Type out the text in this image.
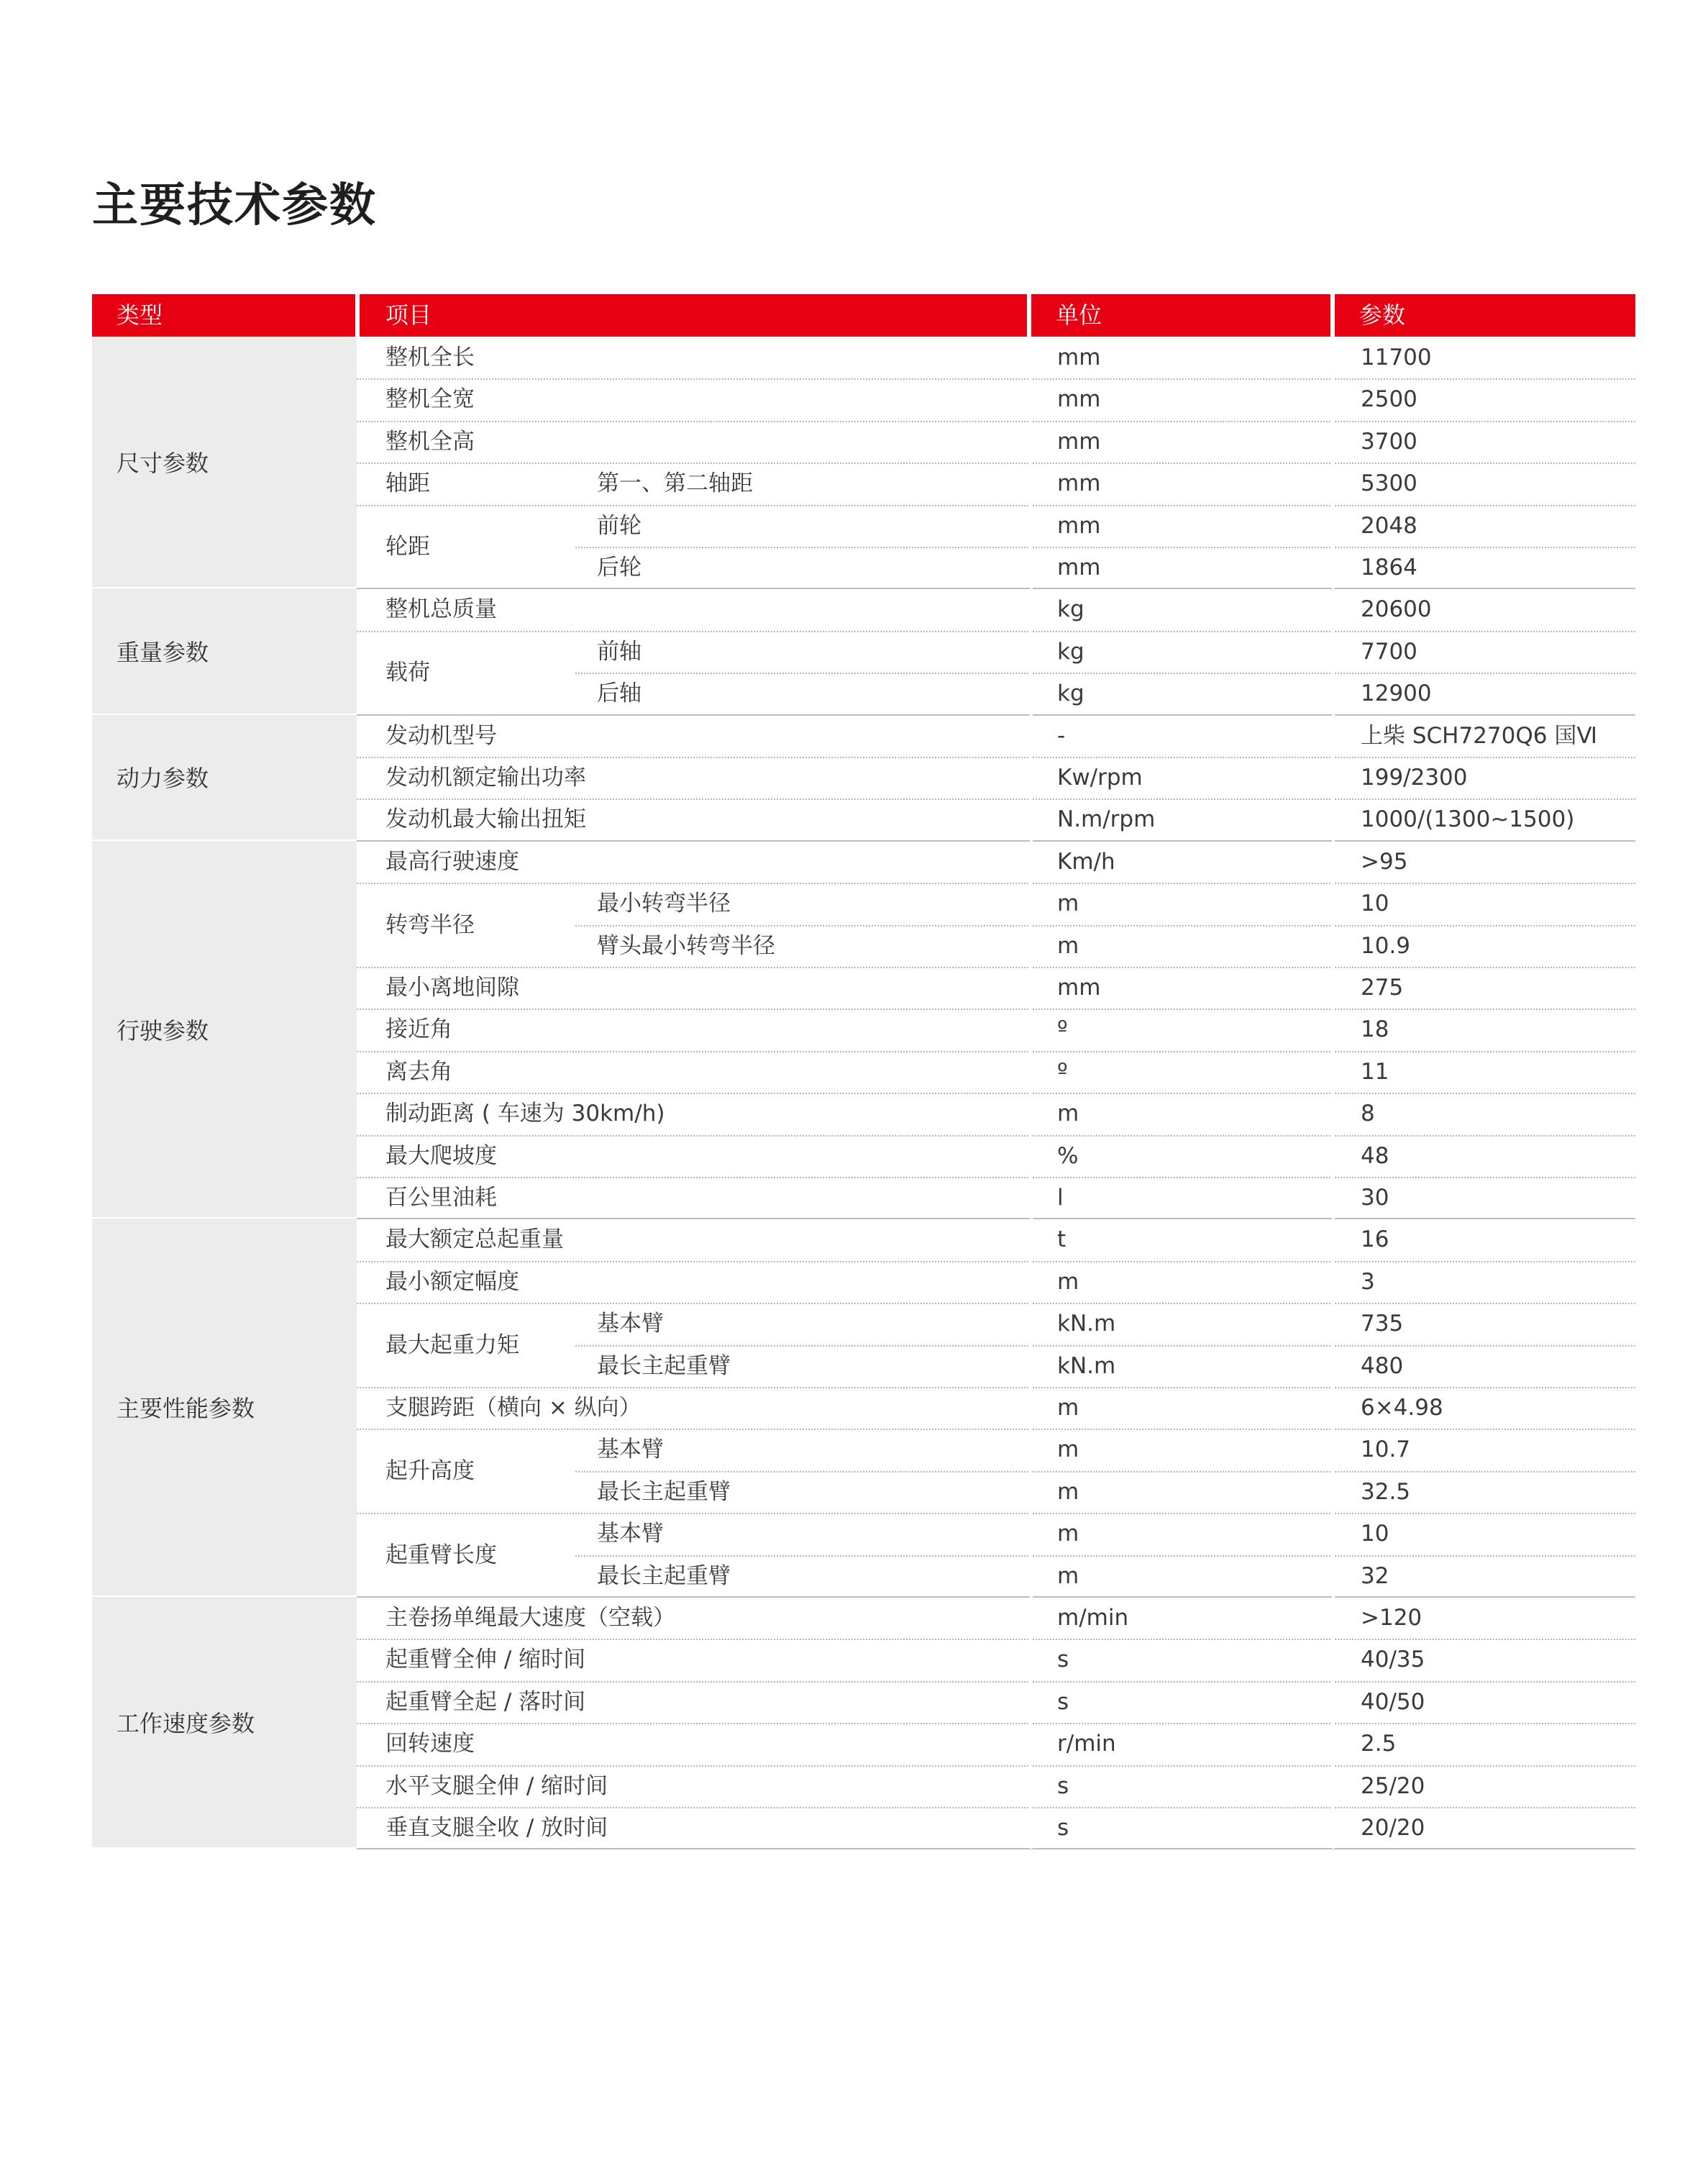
主要技术参数
类型	项目	单位	参数
尺寸参数
整机全长	mm	11700
整机全宽	mm	2500
整机全高	mm	3700
轴距	第一、第二轴距	mm	5300
轮距
前轮	mm	2048
后轮	mm	1864
重量参数
整机总质量	kg	20600
载荷
前轴	kg	7700
后轴	kg	12900
动力参数
发动机型号	-	上柴 SCH7270Q6 国Ⅵ
发动机额定输出功率	Kw/rpm	199/2300
发动机最大输出扭矩	N.m/rpm	1000/(1300~1500)
行驶参数
最高行驶速度	Km/h	>95
转弯半径
最小转弯半径	m	10
臂头最小转弯半径	m	10.9
最小离地间隙	mm	275
接近角	º	18
离去角	º	11
制动距离 ( 车速为 30km/h)	m	8
最大爬坡度	%	48
百公里油耗	l	30
主要性能参数
最大额定总起重量	t	16
最小额定幅度	m	3
最大起重力矩
基本臂	kN.m	735
最长主起重臂	kN.m	480
支腿跨距（横向 × 纵向）	m	6×4.98
起升高度
基本臂	m	10.7
最长主起重臂	m	32.5
起重臂长度
基本臂	m	10
最长主起重臂	m	32
工作速度参数
主卷扬单绳最大速度（空载）	m/min	>120
起重臂全伸 / 缩时间	s	40/35
起重臂全起 / 落时间	s	40/50
回转速度	r/min	2.5
水平支腿全伸 / 缩时间	s	25/20
垂直支腿全收 / 放时间	s	20/20
